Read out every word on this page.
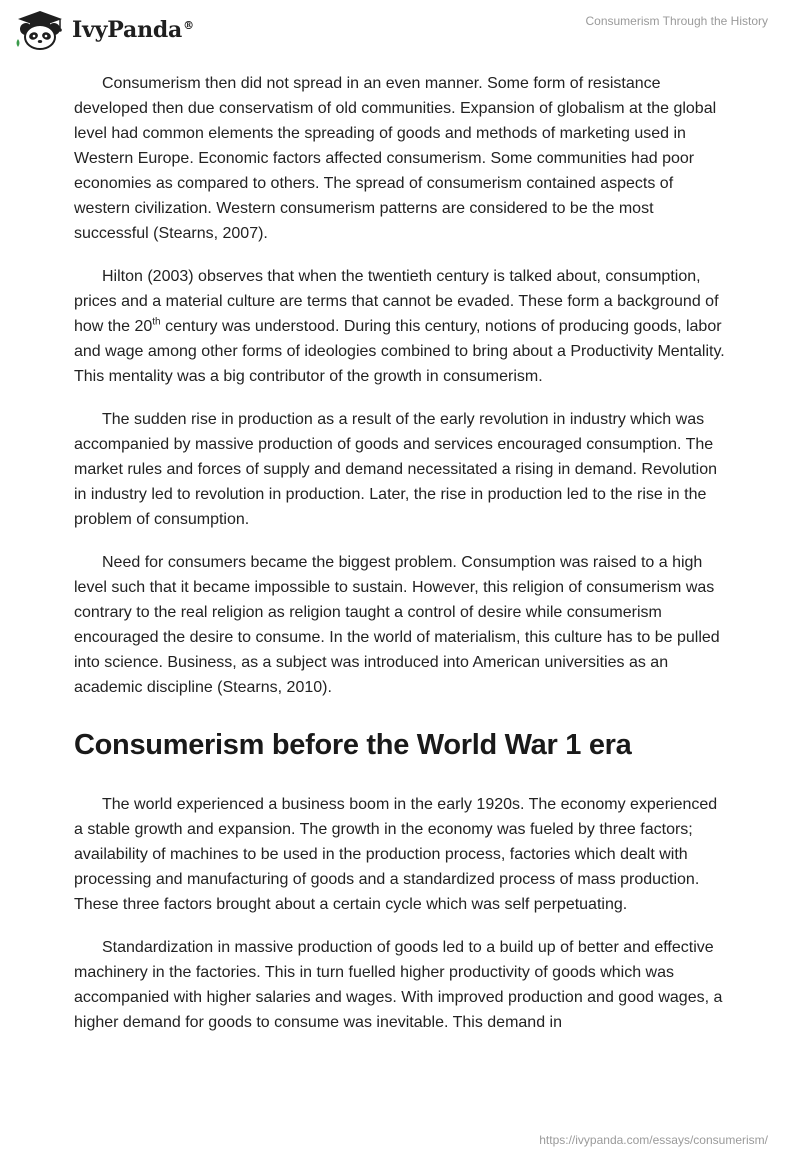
IvyPanda®	Consumerism Through the History

Consumerism then did not spread in an even manner. Some form of resistance developed then due conservatism of old communities. Expansion of globalism at the global level had common elements the spreading of goods and methods of marketing used in Western Europe. Economic factors affected consumerism. Some communities had poor economies as compared to others. The spread of consumerism contained aspects of western civilization. Western consumerism patterns are considered to be the most successful (Stearns, 2007).

Hilton (2003) observes that when the twentieth century is talked about, consumption, prices and a material culture are terms that cannot be evaded. These form a background of how the 20th century was understood. During this century, notions of producing goods, labor and wage among other forms of ideologies combined to bring about a Productivity Mentality. This mentality was a big contributor of the growth in consumerism.

The sudden rise in production as a result of the early revolution in industry which was accompanied by massive production of goods and services encouraged consumption. The market rules and forces of supply and demand necessitated a rising in demand. Revolution in industry led to revolution in production. Later, the rise in production led to the rise in the problem of consumption.

Need for consumers became the biggest problem. Consumption was raised to a high level such that it became impossible to sustain. However, this religion of consumerism was contrary to the real religion as religion taught a control of desire while consumerism encouraged the desire to consume. In the world of materialism, this culture has to be pulled into science. Business, as a subject was introduced into American universities as an academic discipline (Stearns, 2010).

Consumerism before the World War 1 era

The world experienced a business boom in the early 1920s. The economy experienced a stable growth and expansion. The growth in the economy was fueled by three factors; availability of machines to be used in the production process, factories which dealt with processing and manufacturing of goods and a standardized process of mass production. These three factors brought about a certain cycle which was self perpetuating.

Standardization in massive production of goods led to a build up of better and effective machinery in the factories. This in turn fuelled higher productivity of goods which was accompanied with higher salaries and wages. With improved production and good wages, a higher demand for goods to consume was inevitable. This demand in

https://ivypanda.com/essays/consumerism/
